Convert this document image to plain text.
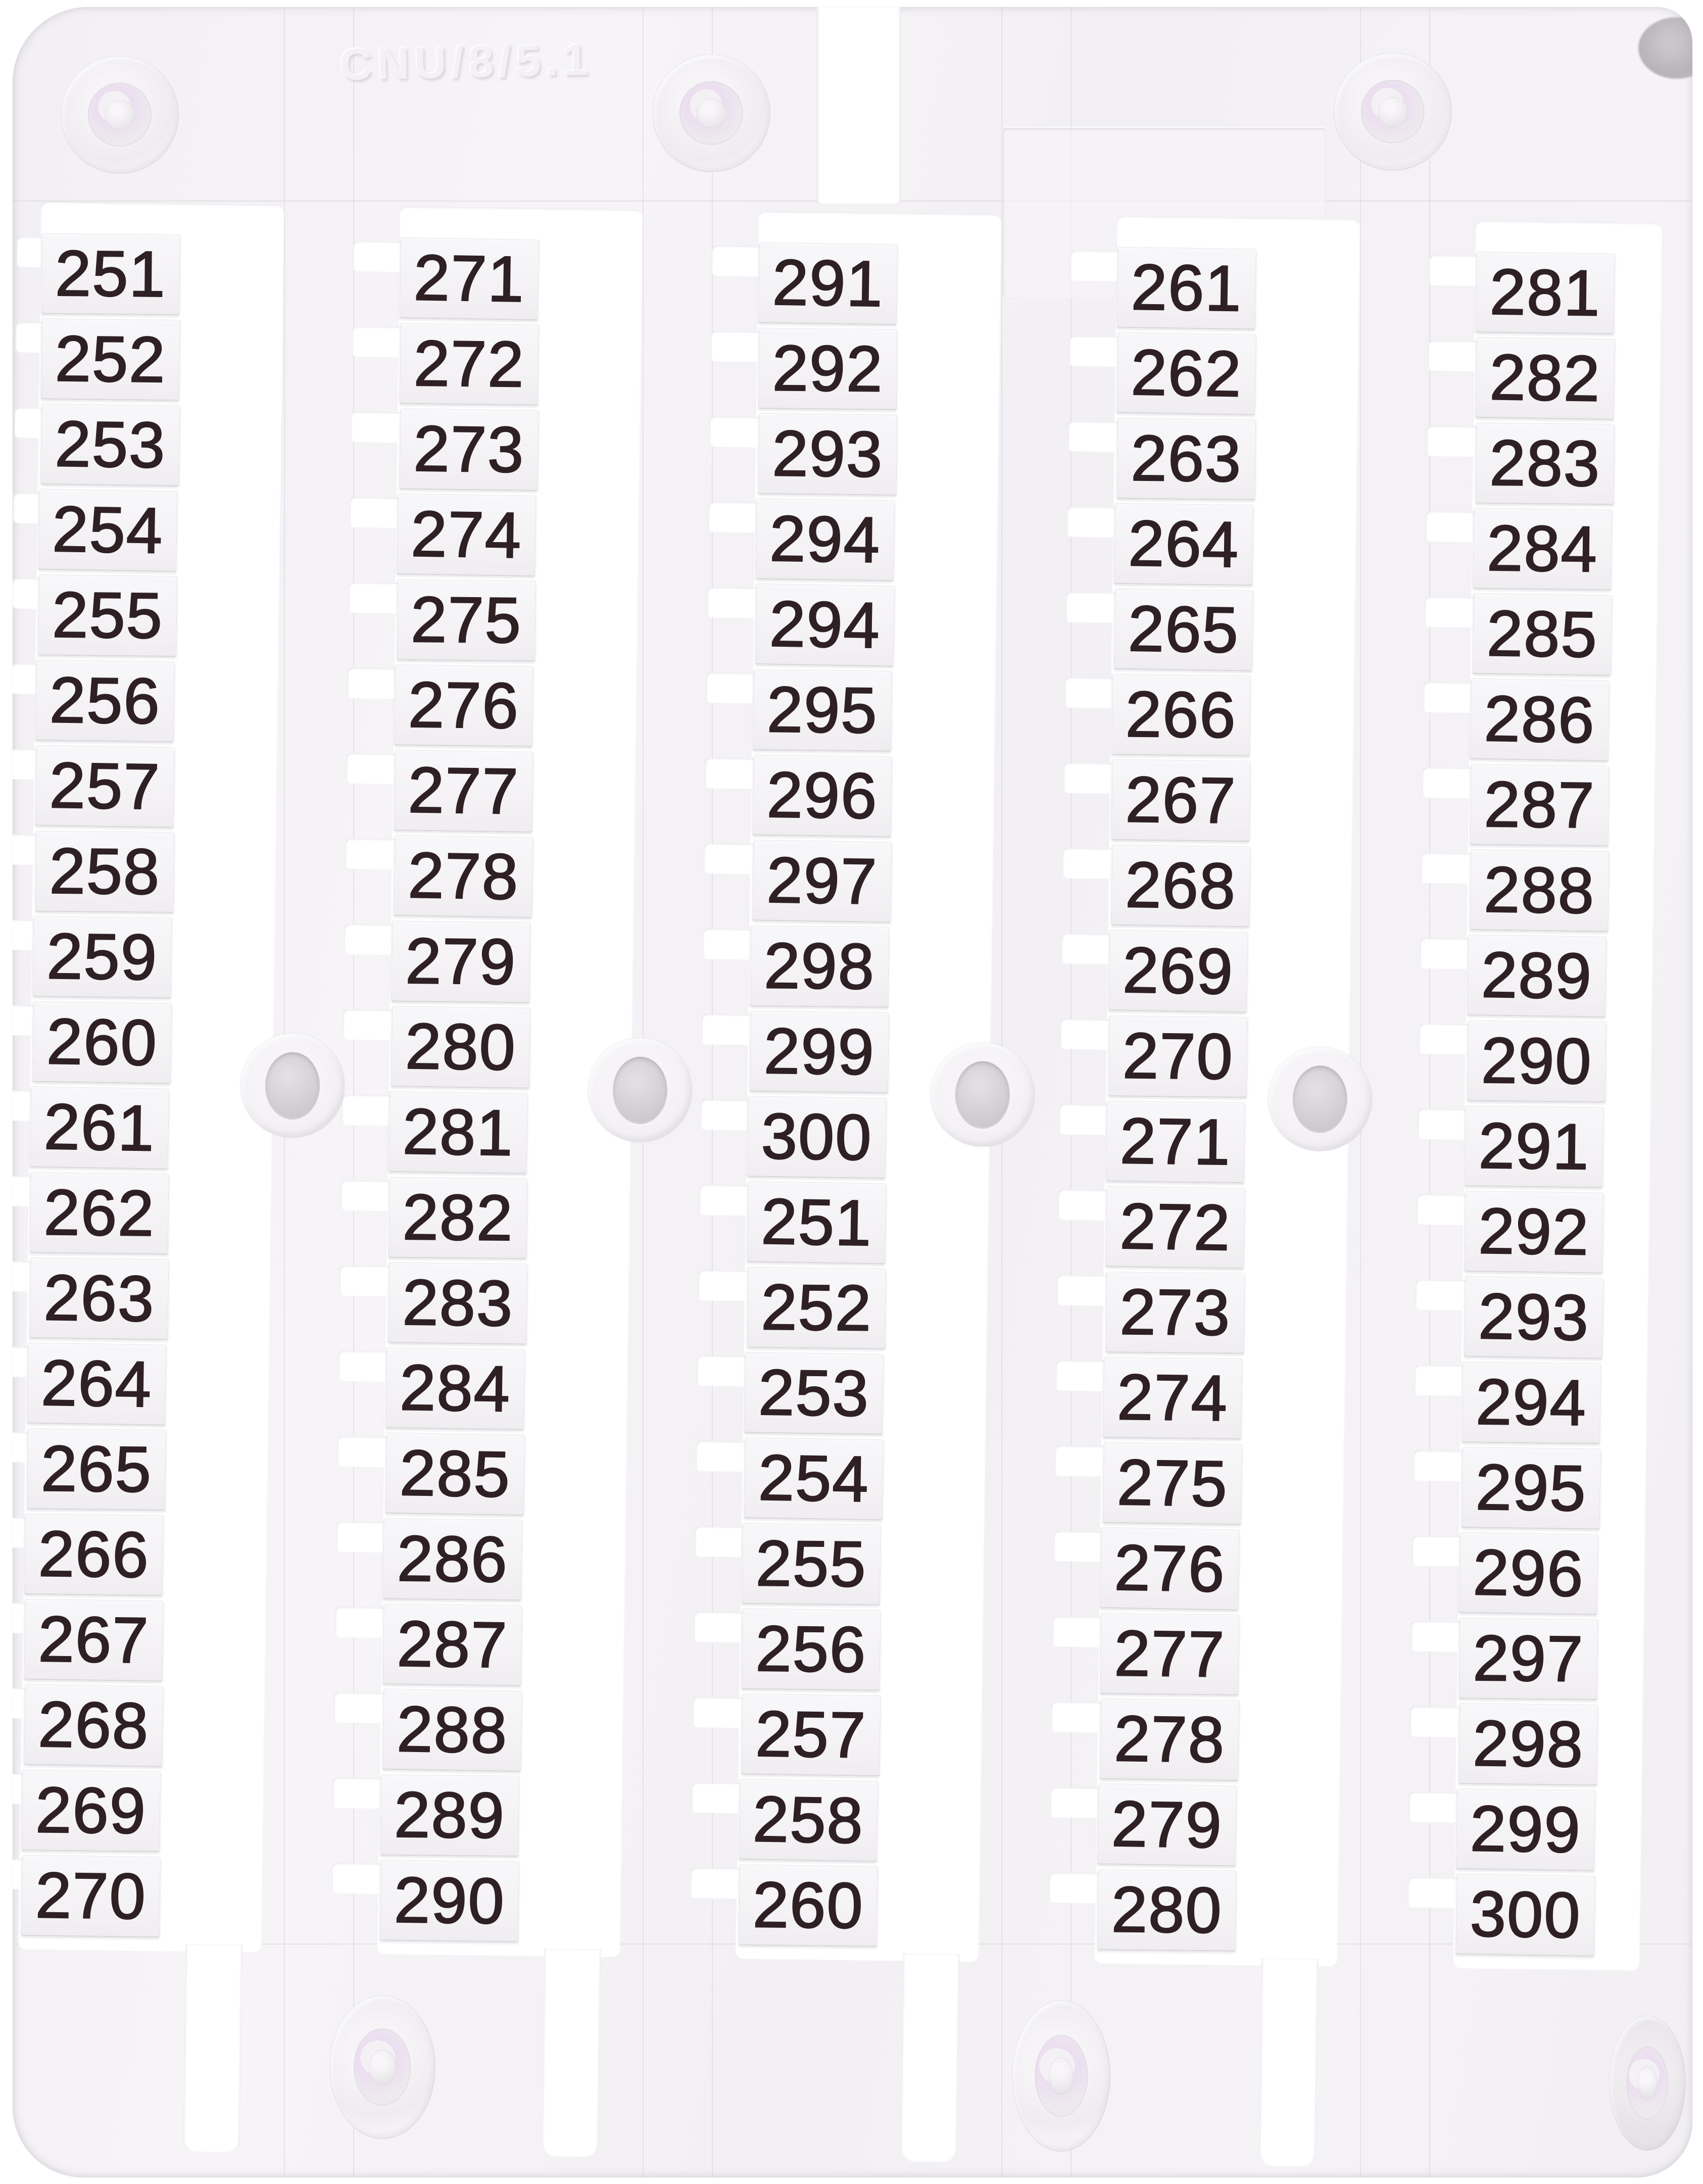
251
252
253
254
255
256
257
258
259
260
261
262
263
264
265
266
267
268
269
270
271
272
273
274
275
276
277
278
279
280
281
282
283
284
285
286
287
288
289
290
291
292
293
294
294
295
296
297
298
299
300
251
252
253
254
255
256
257
258
260
261
262
263
264
265
266
267
268
269
270
271
272
273
274
275
276
277
278
279
280
281
282
283
284
285
286
287
288
289
290
291
292
293
294
295
296
297
298
299
300
CNU/8/5.1
